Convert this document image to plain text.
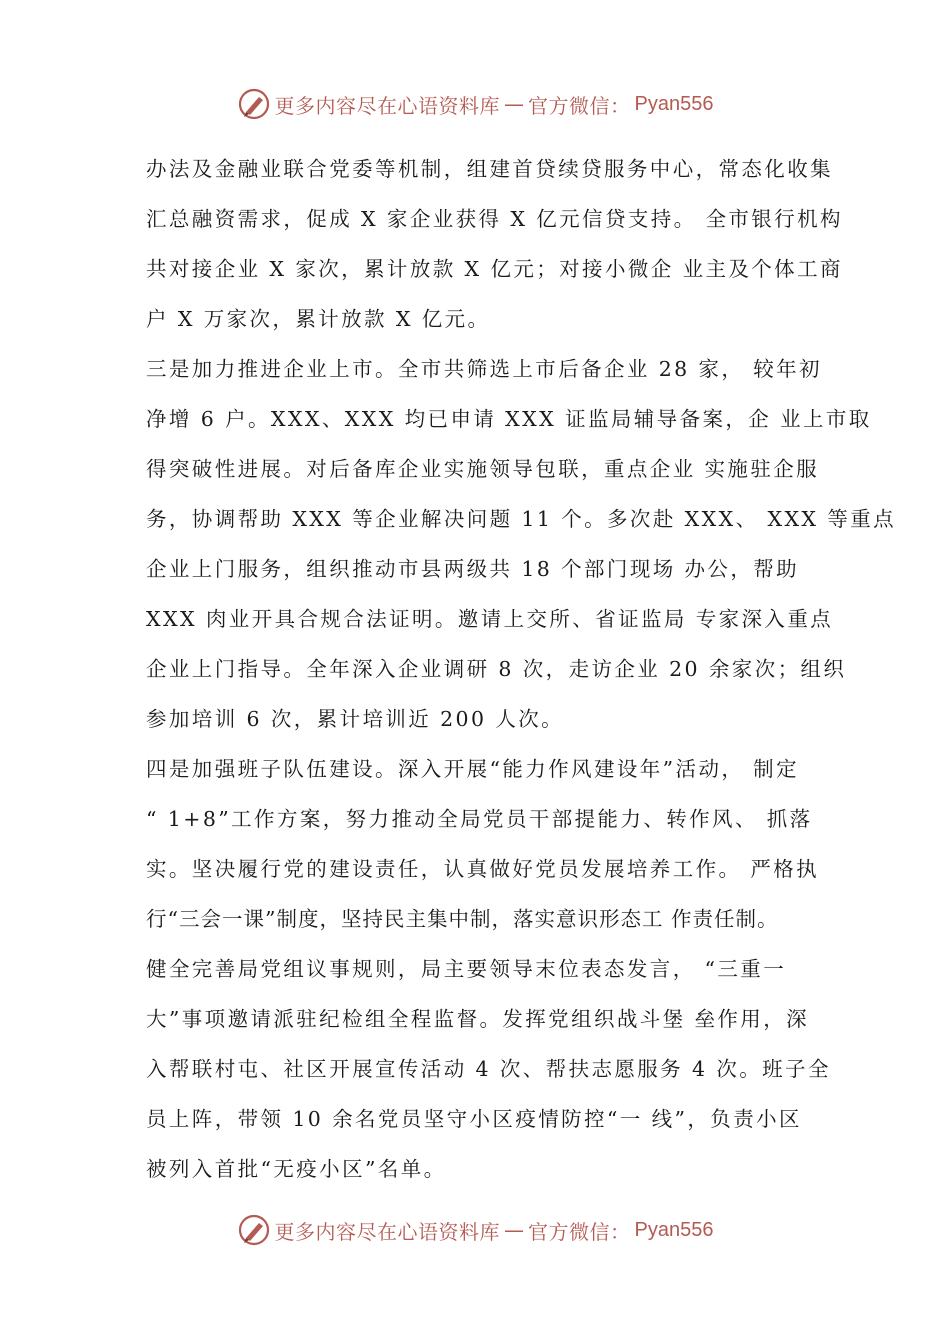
更多内容尽在心语资料库 — 官方微信： Pyan556
办法及金融业联合党委等机制，组建首贷续贷服务中心，常态化收集
汇总融资需求，促成 X 家企业获得 X 亿元信贷支持。 全市银行机构
共对接企业 X 家次，累计放款 X 亿元；对接小微企 业主及个体工商
户 X 万家次，累计放款 X 亿元。
三是加力推进企业上市。全市共筛选上市后备企业 28 家， 较年初
净增 6 户。XXX、XXX 均已申请 XXX 证监局辅导备案，企 业上市取
得突破性进展。对后备库企业实施领导包联，重点企业 实施驻企服
务，协调帮助 XXX 等企业解决问题 11 个。多次赴 XXX、 XXX 等重点
企业上门服务，组织推动市县两级共 18 个部门现场 办公，帮助
XXX 肉业开具合规合法证明。邀请上交所、省证监局 专家深入重点
企业上门指导。全年深入企业调研 8 次，走访企业 20 余家次；组织
参加培训 6 次，累计培训近 200 人次。
四是加强班子队伍建设。深入开展“能力作风建设年”活动， 制定
“ 1+8”工作方案，努力推动全局党员干部提能力、转作风、 抓落
实。坚决履行党的建设责任，认真做好党员发展培养工作。 严格执
行“三会一课”制度，坚持民主集中制，落实意识形态工 作责任制。
健全完善局党组议事规则，局主要领导末位表态发言， “三重一
大”事项邀请派驻纪检组全程监督。发挥党组织战斗堡 垒作用，深
入帮联村屯、社区开展宣传活动 4 次、帮扶志愿服务 4 次。班子全
员上阵，带领 10 余名党员坚守小区疫情防控“一 线”，负责小区
被列入首批“无疫小区”名单。
更多内容尽在心语资料库 — 官方微信： Pyan556
